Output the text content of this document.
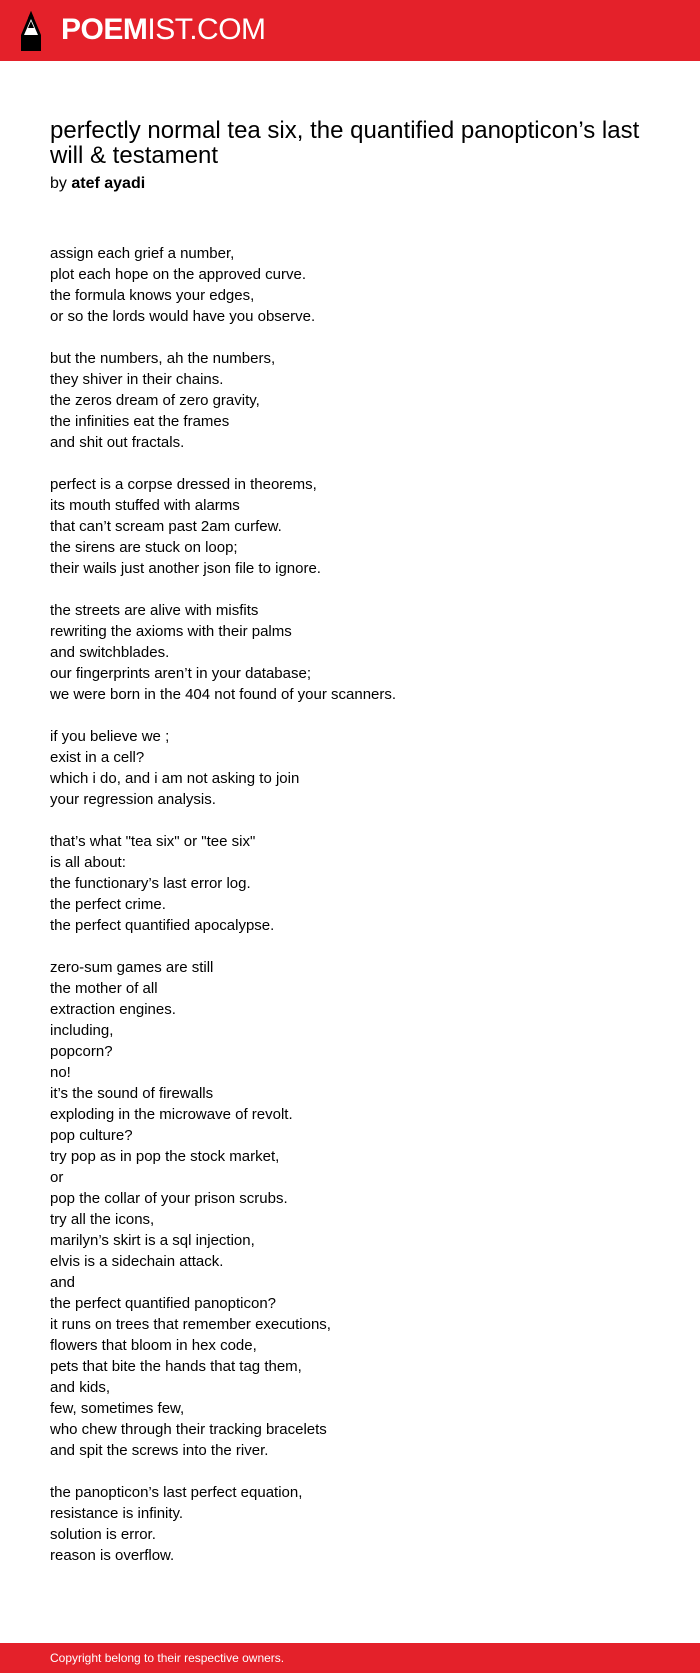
POEMIST.COM
perfectly normal tea six, the quantified panopticon’s last will & testament
by atef ayadi
assign each grief a number,
plot each hope on the approved curve.
the formula knows your edges,
or so the lords would have you observe.
but the numbers, ah the numbers,
they shiver in their chains.
the zeros dream of zero gravity,
the infinities eat the frames
and shit out fractals.
perfect is a corpse dressed in theorems,
its mouth stuffed with alarms
that can’t scream past 2am curfew.
the sirens are stuck on loop;
their wails just another json file to ignore.
the streets are alive with misfits
rewriting the axioms with their palms
and switchblades.
our fingerprints aren’t in your database;
we were born in the 404 not found of your scanners.
if you believe we ;
exist in a cell?
which i do, and i am not asking to join
your regression analysis.
that’s what "tea six" or "tee six"
is all about:
the functionary’s last error log.
the perfect crime.
the perfect quantified apocalypse.
zero-sum games are still
the mother of all
extraction engines.
including,
popcorn?
no!
it’s the sound of firewalls
exploding in the microwave of revolt.
pop culture?
try pop as in pop the stock market,
or
pop the collar of your prison scrubs.
try all the icons,
marilyn’s skirt is a sql injection,
elvis is a sidechain attack.
and
the perfect quantified panopticon?
it runs on trees that remember executions,
flowers that bloom in hex code,
pets that bite the hands that tag them,
and kids,
few, sometimes few,
who chew through their tracking bracelets
and spit the screws into the river.
the panopticon’s last perfect equation,
resistance is infinity.
solution is error.
reason is overflow.
Copyright belong to their respective owners.
